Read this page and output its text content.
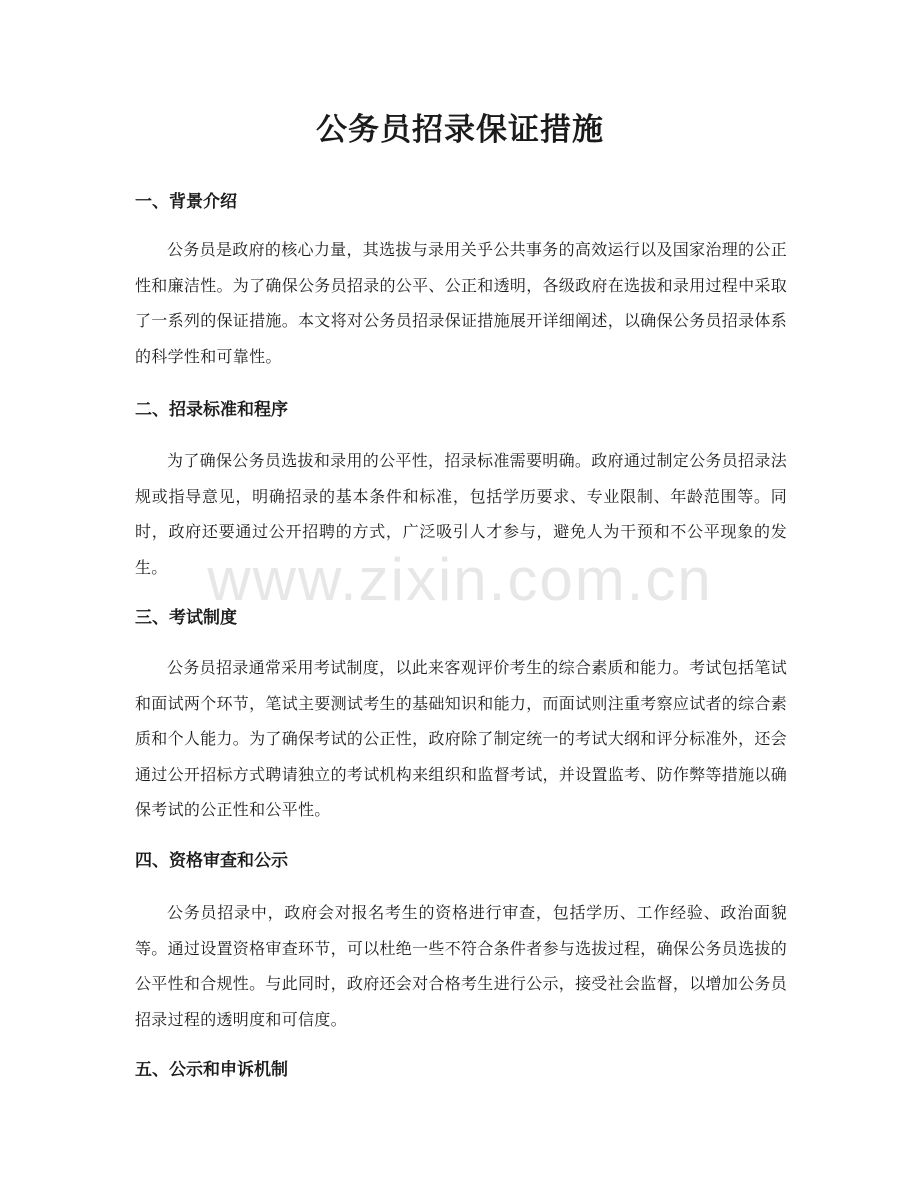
公务员招录保证措施
一、背景介绍

公务员是政府的核心力量，其选拔与录用关乎公共事务的高效运行以及国家治理的公正性和廉洁性。为了确保公务员招录的公平、公正和透明，各级政府在选拔和录用过程中采取了一系列的保证措施。本文将对公务员招录保证措施展开详细阐述，以确保公务员招录体系的科学性和可靠性。

二、招录标准和程序

为了确保公务员选拔和录用的公平性，招录标准需要明确。政府通过制定公务员招录法规或指导意见，明确招录的基本条件和标准，包括学历要求、专业限制、年龄范围等。同时，政府还要通过公开招聘的方式，广泛吸引人才参与，避免人为干预和不公平现象的发生。

三、考试制度

公务员招录通常采用考试制度，以此来客观评价考生的综合素质和能力。考试包括笔试和面试两个环节，笔试主要测试考生的基础知识和能力，而面试则注重考察应试者的综合素质和个人能力。为了确保考试的公正性，政府除了制定统一的考试大纲和评分标准外，还会通过公开招标方式聘请独立的考试机构来组织和监督考试，并设置监考、防作弊等措施以确保考试的公正性和公平性。

四、资格审查和公示

公务员招录中，政府会对报名考生的资格进行审查，包括学历、工作经验、政治面貌等。通过设置资格审查环节，可以杜绝一些不符合条件者参与选拔过程，确保公务员选拔的公平性和合规性。与此同时，政府还会对合格考生进行公示，接受社会监督，以增加公务员招录过程的透明度和可信度。

五、公示和申诉机制
www.zixin.com.cn
